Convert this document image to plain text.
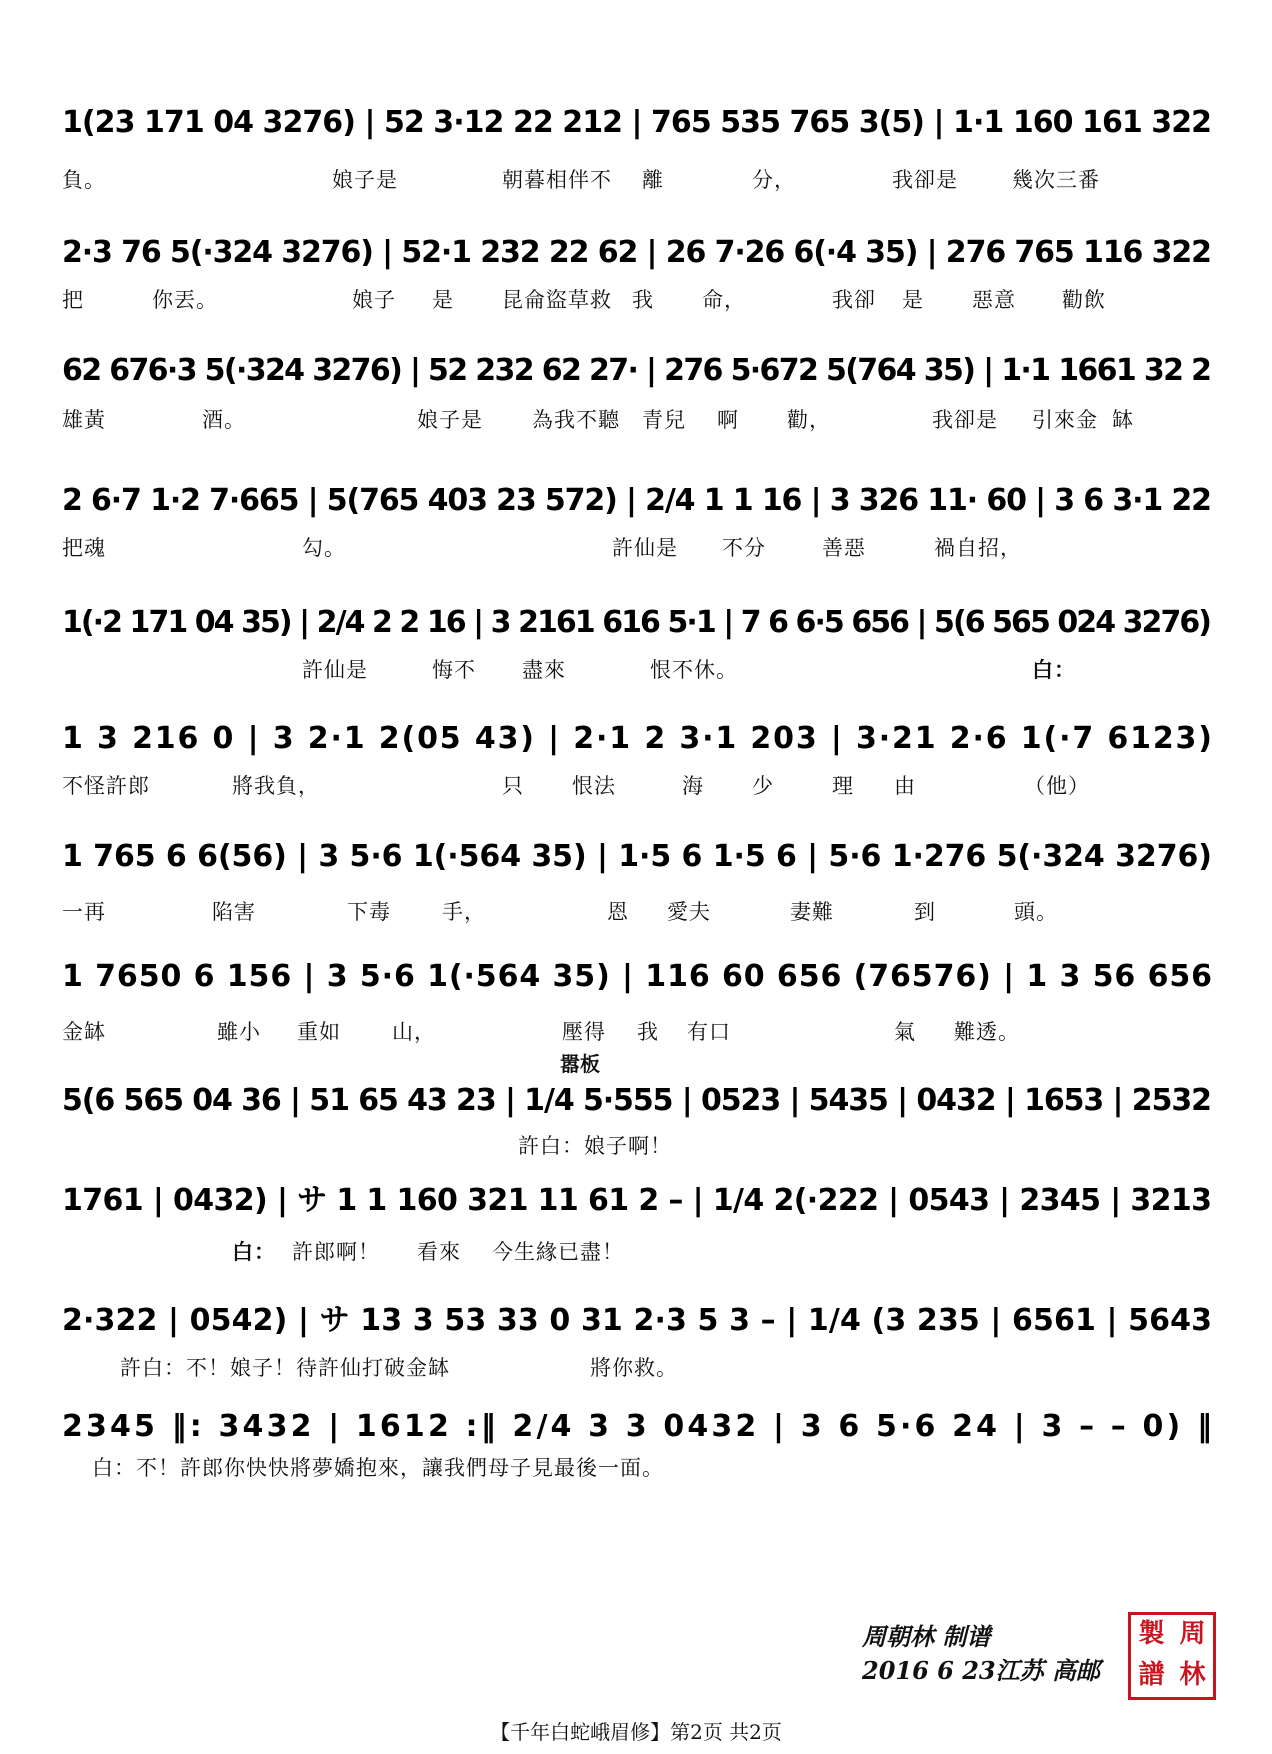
1(23 171 04 3276) | 52 3·12 22 212 | 765 535 765 3(5) | 1·1 160 161 322
負。	娘子是	朝暮相伴不 離	分，	我卻是	幾次三番
2·3 76 5(·324 3276) | 52·1 232 22 62 | 26 7·26 6(·4 35) | 276 765 116 322
把	你丟。	娘子 是 昆侖盜草救 我 命，	我卻 是 惡意 勸飲
62 676·3 5(·324 3276) | 52 232 62 27· | 276 5·672 5(764 35) | 1·1 1661 32 2
雄黃	酒。	娘子是 為我不聽 青兒 啊 勸，	我卻是 引來金 缽
2 6·7 1·2 7·665 | 5(765 403 23 572) | 2/4 1 1 16 | 3 326 11· 60 | 3 6 3·1 22
把魂	勾。	許仙是 不分	善惡	禍自招，
1(·2 171 04 35) | 2/4 2 2 16 | 3 2161 616 5·1 | 7 6 6·5 656 | 5(6 565 024 3276)
許仙是	悔不 盡來	恨不休。	白：
1 3 216 0 | 3 2·1 2(05 43) | 2·1 2 3·1 203 | 3·21 2·6 1(·7 6123)
不怪許郎	將我負，	只 恨法	海 少	理 由	（他）
1 765 6 6(56) | 3 5·6 1(·564 35) | 1·5 6 1·5 6 | 5·6 1·276 5(·324 3276)
一再	陷害	下毒 手，	恩 愛夫	妻難	到	頭。
1 7650 6 156 | 3 5·6 1(·564 35) | 116 60 656 (76576) | 1 3 56 656
金缽	雖小 重如 山，	壓得 我 有口	氣 難透。
嚣板
5(6 565 04 36 | 51 65 43 23 | 1/4 5·555 | 0523 | 5435 | 0432 | 1653 | 2532
許白：娘子啊！
1761 | 0432) | サ 1 1 160 321 11 61 2 – | 1/4 2(·222 | 0543 | 2345 | 3213
白： 許郎啊！ 看來 今生緣已盡！
2·322 | 0542) | サ 13 3 53 33 0 31 2·3 5 3 – | 1/4 (3 235 | 6561 | 5643
許白：不！娘子！待許仙打破金缽	將你救。
2345 ‖: 3432 | 1612 :‖ 2/4 3 3 0432 | 3 6 5·6 24 | 3 – – 0) ‖
白：不！許郎你快快將夢嬌抱來，讓我們母子見最後一面。
周朝林 制谱
2016 6 23江苏 高邮
製 周
譜 林
【千年白蛇峨眉修】第2页 共2页
